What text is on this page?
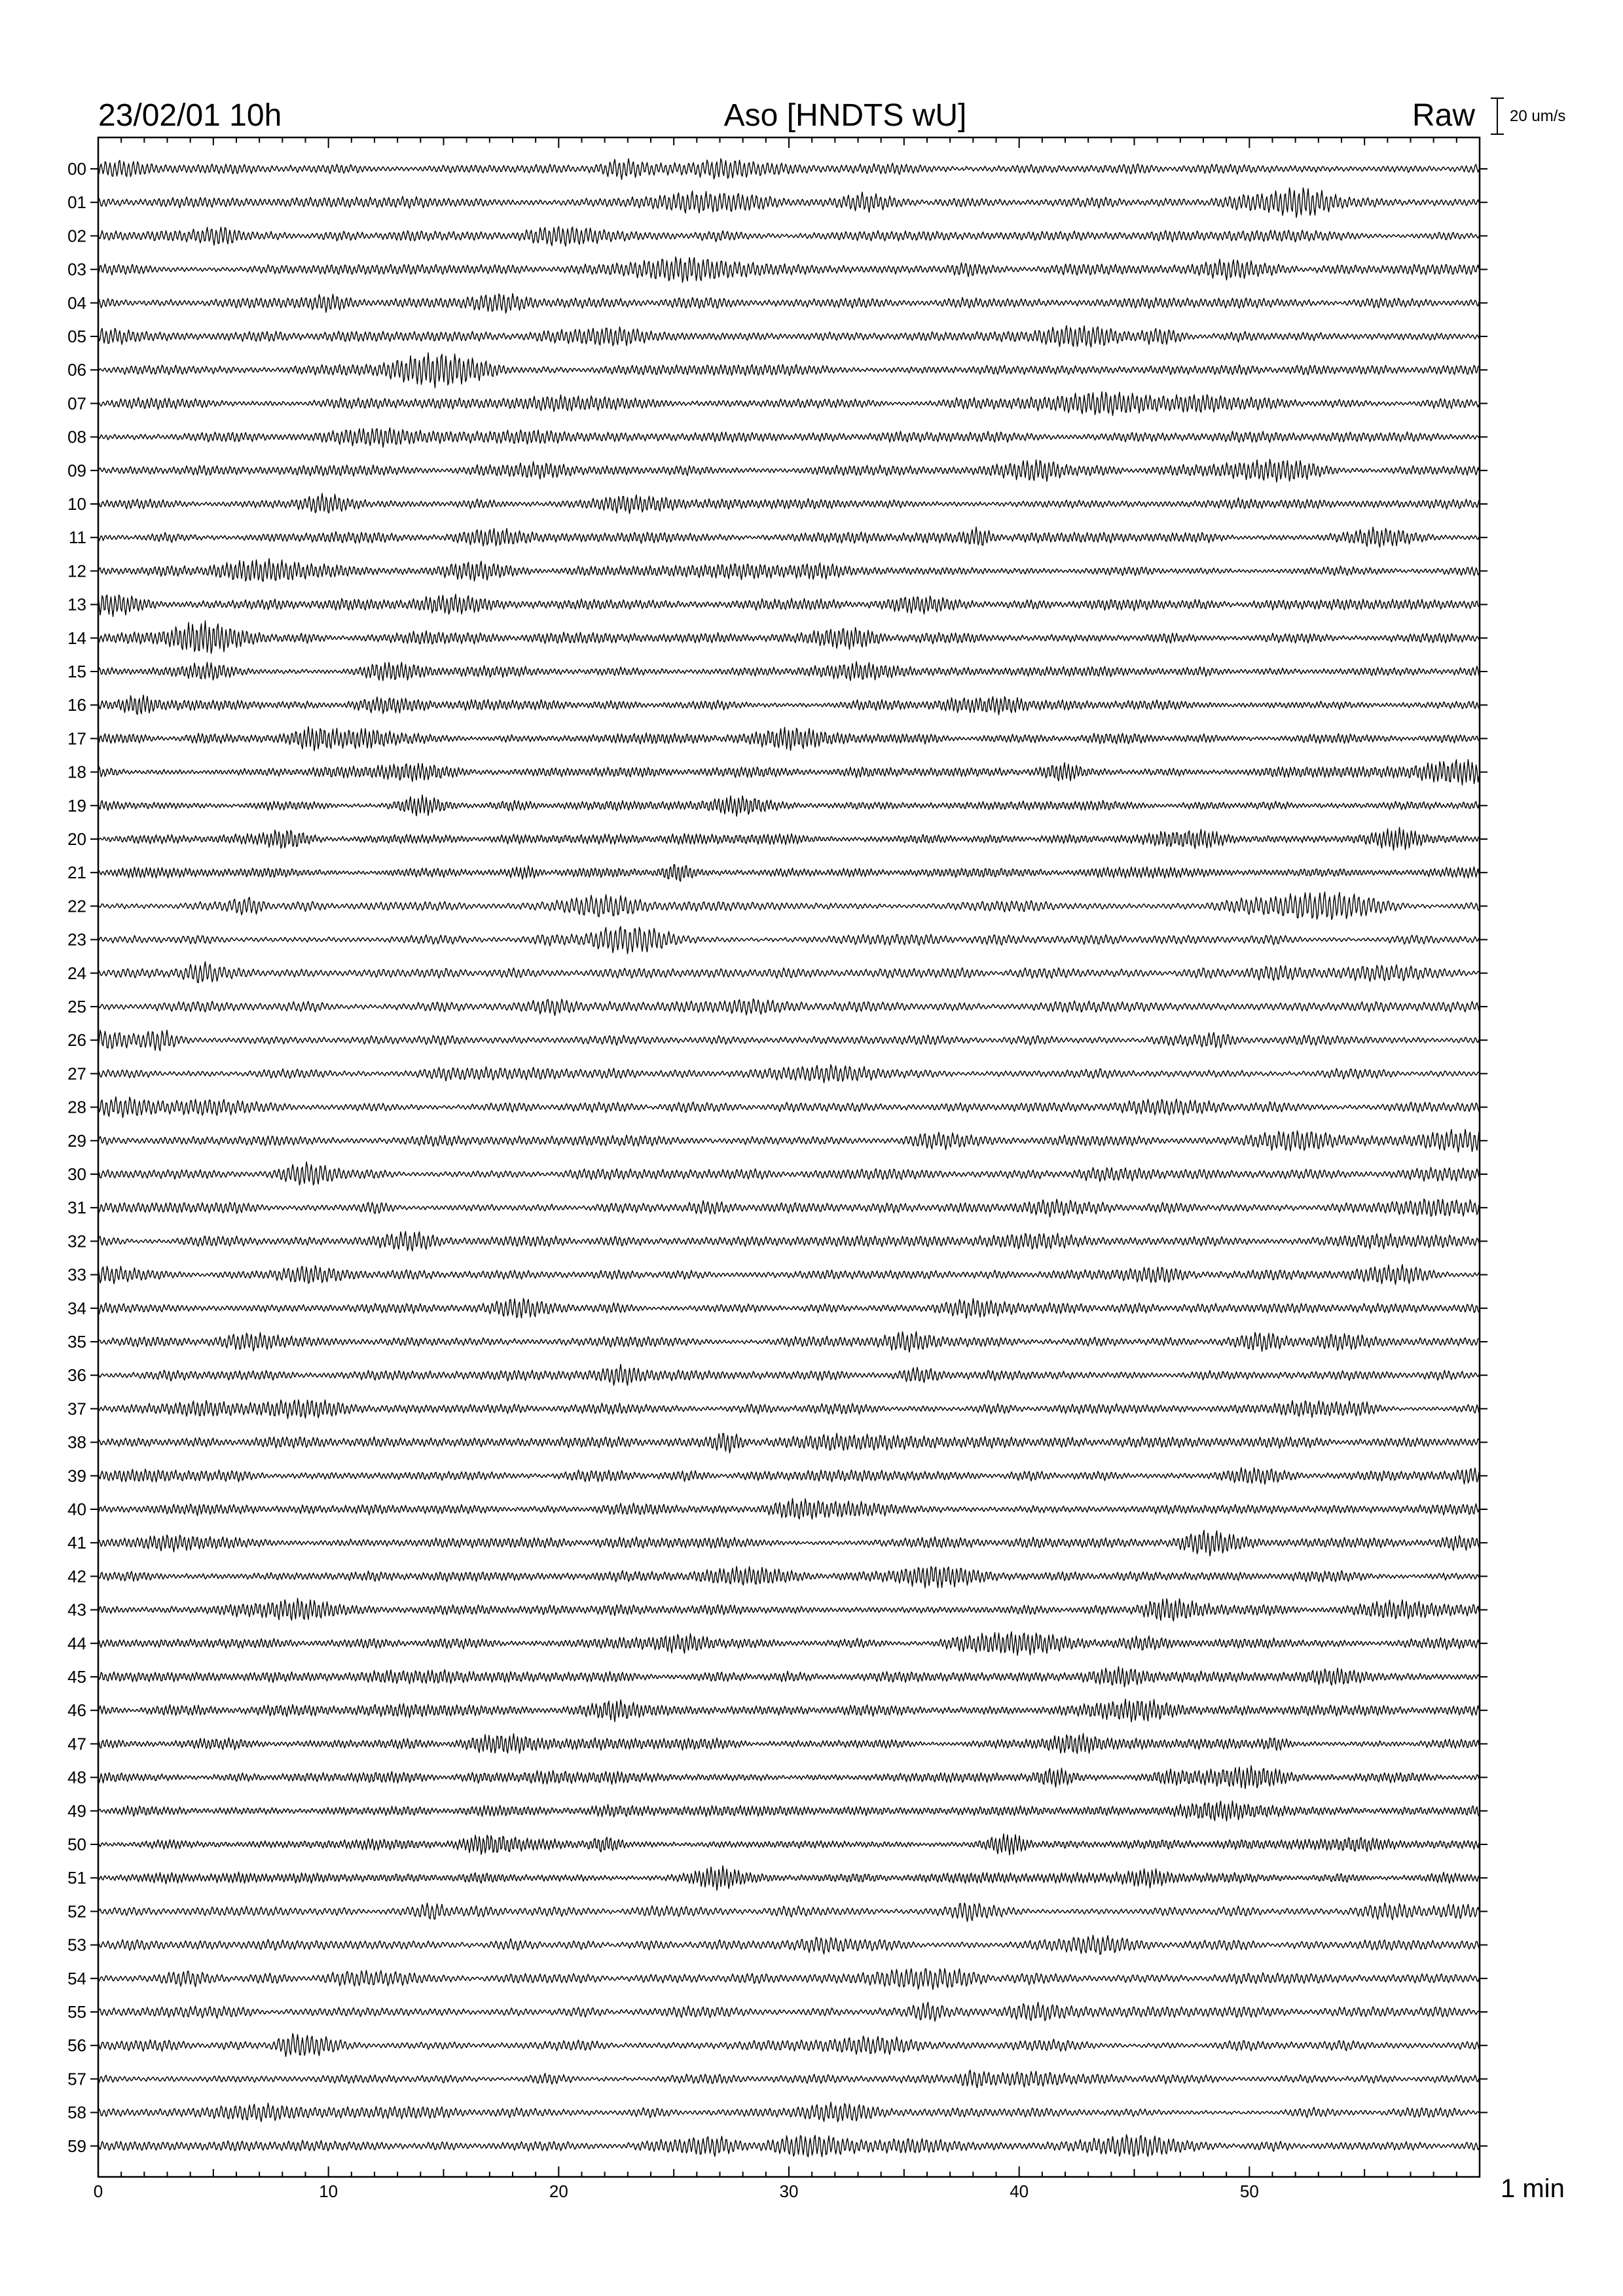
23/02/01 10h	Aso [HNDTS wU]	Raw 20 um/s
00
01
02
03
04
05
06
07
08
09
10
11
12
13
14
15
16
17
18
19
20
21
22
23
24
25
26
27
28
29
30
31
32
33
34
35
36
37
38
39
40
41
42
43
44
45
46
47
48
49
50
51
52
53
54
55
56
57
58
59
0	10	20	30	40	50	1 min
